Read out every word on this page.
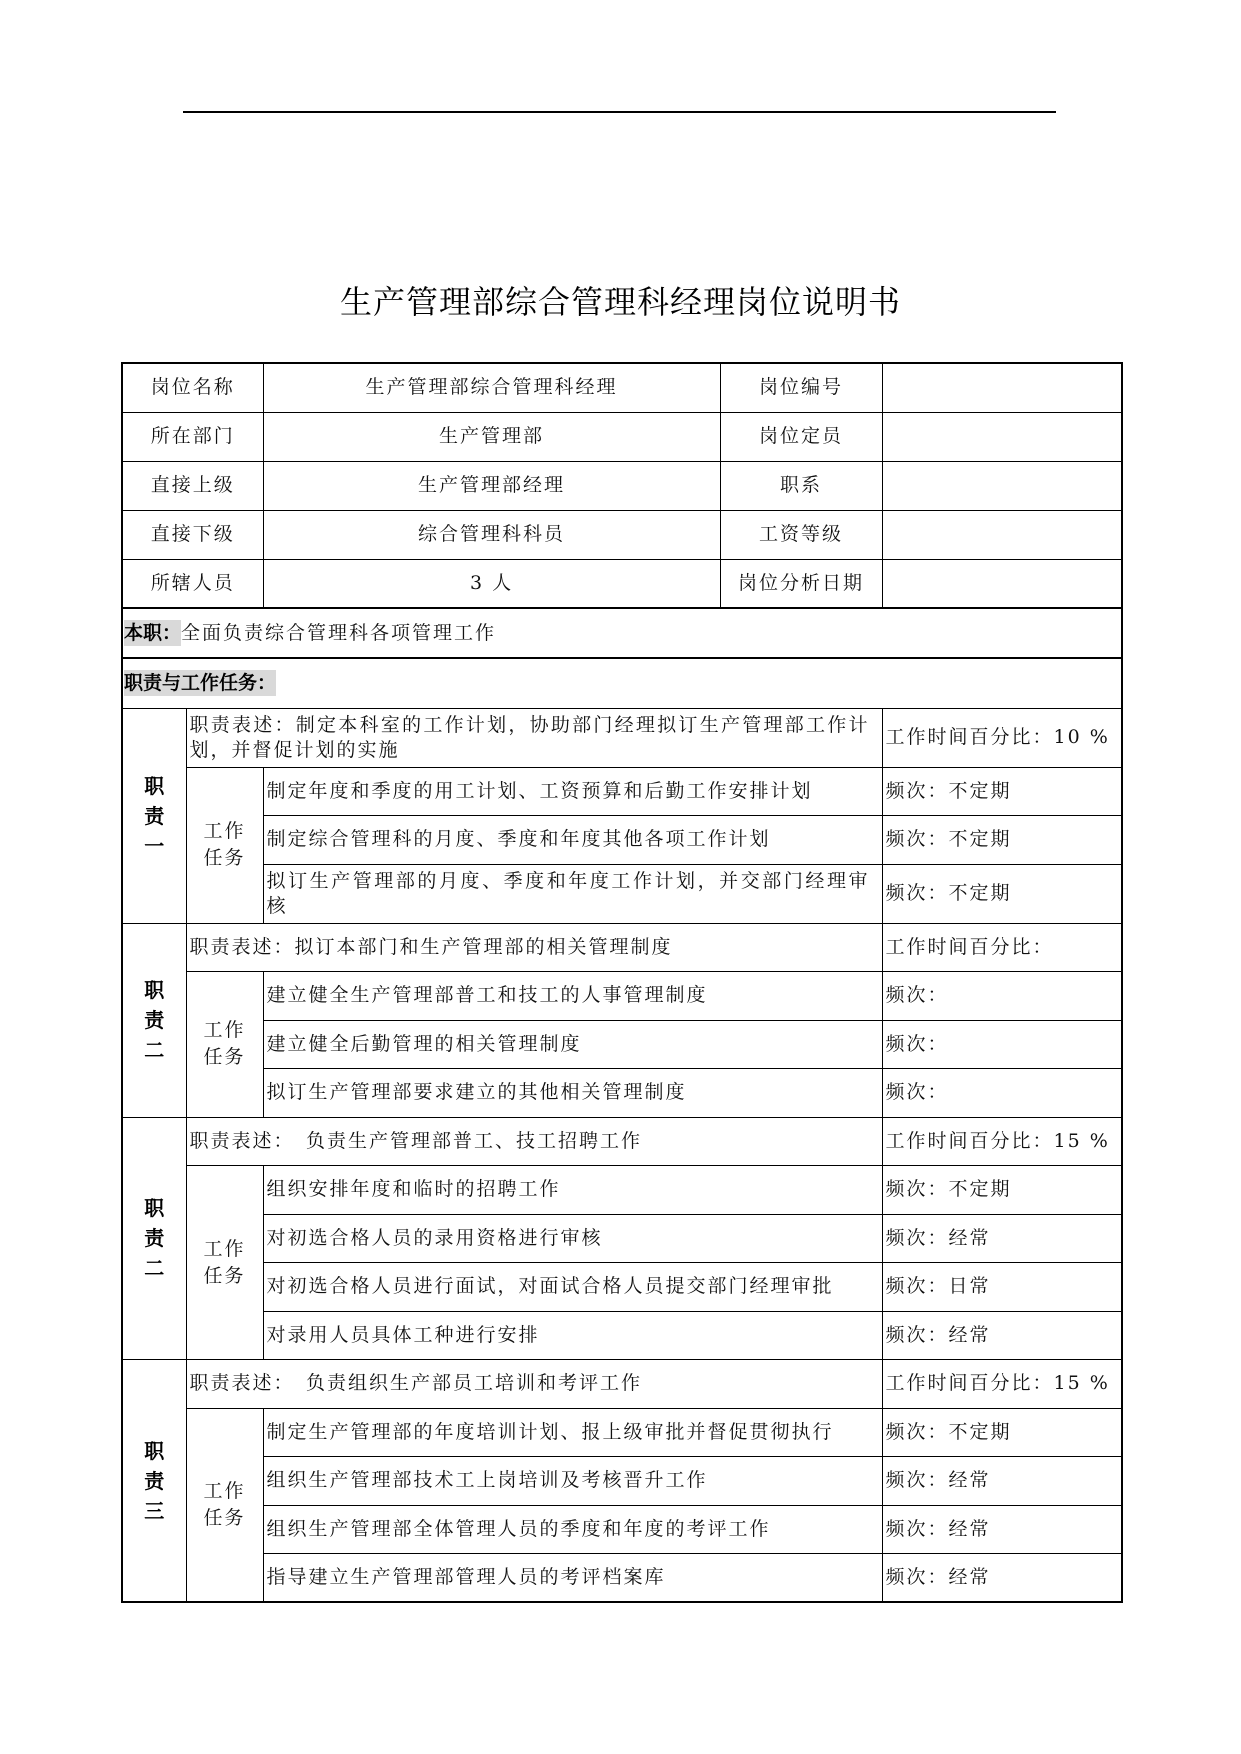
生产管理部综合管理科经理岗位说明书
岗位名称		生产管理部综合管理科经理	岗位编号	
所在部门		生产管理部	岗位定员	
直接上级		生产管理部经理	职系	
直接下级		综合管理科科员	工资等级	
所辖人员		3 人	岗位分析日期	
本职：全面负责综合管理科各项管理工作				
职责与工作任务：				
职责一	职责表述：制定本科室的工作计划，协助部门经理拟订生产管理部工作计划，并督促计划的实施			工作时间百分比：10 %
	工作任务	制定年度和季度的用工计划、工资预算和后勤工作安排计划		频次：不定期
		制定综合管理科的月度、季度和年度其他各项工作计划		频次：不定期
		拟订生产管理部的月度、季度和年度工作计划，并交部门经理审核		频次：不定期
职责二	职责表述：拟订本部门和生产管理部的相关管理制度			工作时间百分比：
	工作任务	建立健全生产管理部普工和技工的人事管理制度		频次：
		建立健全后勤管理的相关管理制度		频次：
		拟订生产管理部要求建立的其他相关管理制度		频次：
职责二	职责表述：　负责生产管理部普工、技工招聘工作			工作时间百分比：15 %
	工作任务	组织安排年度和临时的招聘工作		频次：不定期
		对初选合格人员的录用资格进行审核		频次：经常
		对初选合格人员进行面试，对面试合格人员提交部门经理审批		频次：日常
		对录用人员具体工种进行安排		频次：经常
职责三	职责表述：　负责组织生产部员工培训和考评工作			工作时间百分比：15 %
	工作任务	制定生产管理部的年度培训计划、报上级审批并督促贯彻执行		频次：不定期
		组织生产管理部技术工上岗培训及考核晋升工作		频次：经常
		组织生产管理部全体管理人员的季度和年度的考评工作		频次：经常
		指导建立生产管理部管理人员的考评档案库		频次：经常
